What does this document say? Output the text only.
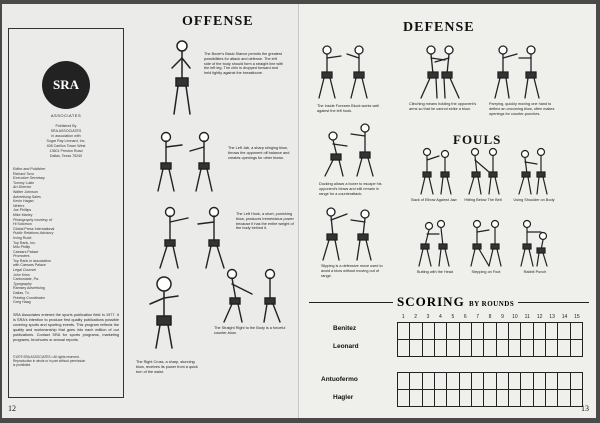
SRA
ASSOCIATES
Published By
SRA ASSOCIATES
in association with
Sugar Ray Leonard, Inc.
408 Carillon Tower West
13601 Preston Road
Dallas, Texas 75240
Editor and Publisher
Richard Tovo
Executive Secretary
Tommy Lukin
Art Director
Walter Johnson
Advertising Sales
Kevin Hagan
Writers
Joe Phillips
Mike Marley
Photography courtesy of
Hi Sutomon
Global Press International
Public Relations Advisory
Irving Rudd
Top Rank, Inc.
Milo Phillip
Caesars Palace
Promoters
Top Rank in association
with Caesars Palace
Legal Counsel
John Kriss
Carbondale, Pa.
Typography
Ramsey Advertising
Dallas, Tx.
Printing Coordinator
Greg Haag
SRA Associates entered the sports publication field in 1977. It is SRA's intention to produce first quality publications possible covering sports and sporting events. This program reflects the quality and workmanship that goes into each edition of our publications. Contact SRA for sports programs, marketing programs, brochures or annual reports.
©1979 SRA ASSOCIATES • All rights reserved.
Reproduction in whole or in part without permission
is prohibited.
OFFENSE
The Boxer's Basic Stance permits the greatest possibilities for attack and defense. The left side of the body should form a straight line with the left leg. The chin is dropped forward and held tightly against the breastbone.
The Left Jab, a sharp stinging blow, throws the opponent off balance and creates openings for other blows.
The Left Hook, a short, punishing blow, produces tremendous power because it has the entire weight of the body behind it.
The Straight Right to the Body is a forceful counter-blow.
The Right Cross, a sharp, stunning blow, receives its power from a quick turn of the waist.
12
DEFENSE
The Inside Forearm Block works well against the left hook.
Clinching means holding the opponent's arms so that he cannot strike a blow.
Parrying, quickly moving one hand to deflect an oncoming blow, often makes openings for counter-punches.
Ducking allows a boxer to escape his opponent's blows and still remain in range for a counterattack.
FOULS
Slipping is a defensive move used to avoid a blow without moving out of range.
Back of Elbow Against Jaw	Hitting Below The Belt	Using Shoulder on Body
Butting with the Head	Stepping on Foot	Rabbit Punch
SCORING BY ROUNDS
1	2	3	4	5	6	7	8	9	10	11	12	13	14	15
Benitez
Leonard
Antuofermo
Hagler
13
